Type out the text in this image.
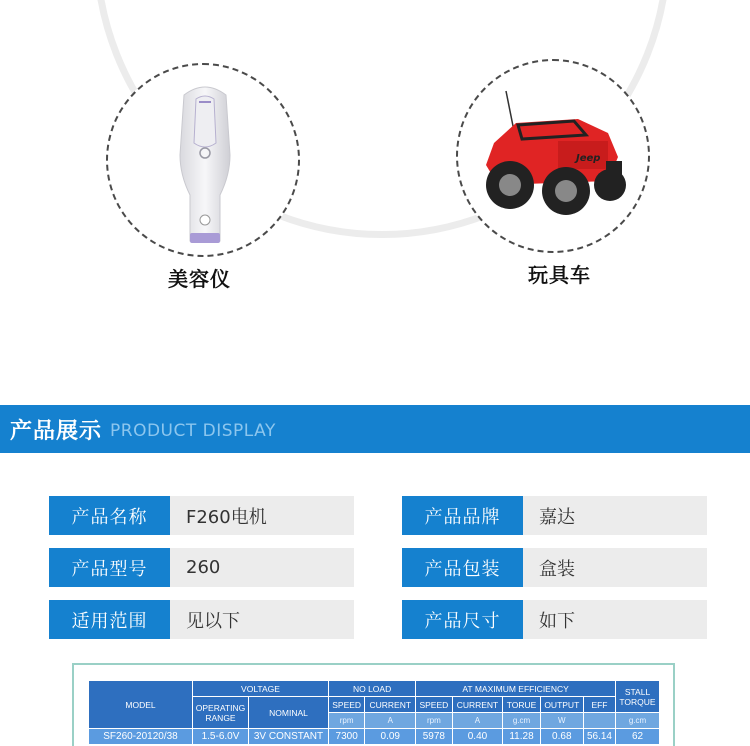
Jeep
美容仪	玩具车
产品展示 PRODUCT DISPLAY
产品名称	F260电机	产品品牌	嘉达
产品型号	260	产品包装	盒装
适用范围	见以下	产品尺寸	如下
MODEL	VOLTAGE		NO LOAD		AT MAXIMUM EFFICIENCY					STALL TORQUE
	OPERATING RANGE	NOMINAL	SPEED	CURRENT	SPEED	CURRENT	TORUE	OUTPUT	EFF	
			rpm	A	rpm	A	g.cm	W		g.cm
SF260-20120/38	1.5-6.0V	3V CONSTANT	7300	0.09	5978	0.40	11.28	0.68	56.14	62
